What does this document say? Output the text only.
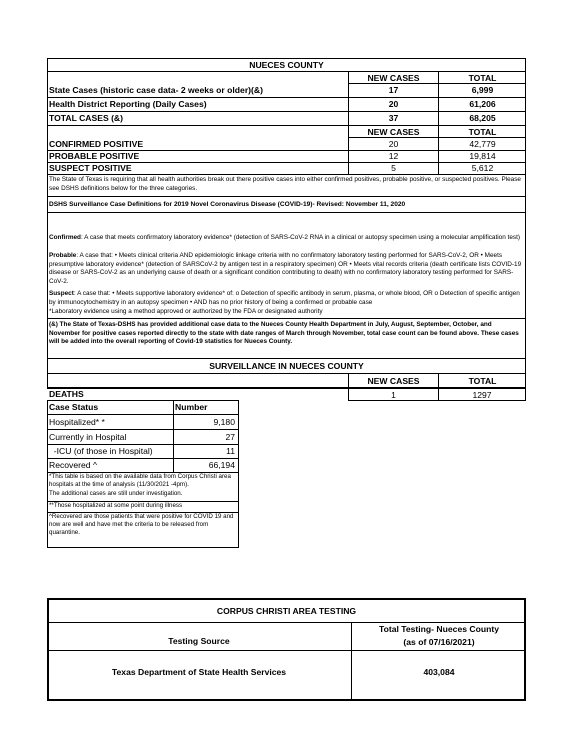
NUECES COUNTY
NEW CASES	TOTAL
State Cases (historic case data- 2 weeks or older)(&)	17	6,999
Health District Reporting (Daily Cases)	20	61,206
TOTAL CASES (&)	37	68,205
NEW CASES	TOTAL
CONFIRMED POSITIVE	20	42,779
PROBABLE POSITIVE	12	19,814
SUSPECT POSITIVE	5	5,612
The State of Texas is requiring that all health authorities break out there positive cases into either confirmed positives, probable positive, or suspected positives. Please see DSHS definitions below for the three categories.
DSHS Surveillance Case Definitions for 2019 Novel Coronavirus Disease (COVID-19)- Revised: November 11, 2020
Confirmed: A case that meets confirmatory laboratory evidence* (detection of SARS-CoV-2 RNA in a clinical or autopsy specimen using a molecular amplification test)
Probable: A case that: • Meets clinical criteria AND epidemiologic linkage criteria with no confirmatory laboratory testing performed for SARS-CoV-2, OR • Meets presumptive laboratory evidence* (detection of SARSCoV-2 by antigen test in a respiratory specimen) OR • Meets vital records criteria (death certificate lists COVID-19 disease or SARS-CoV-2 as an underlying cause of death or a significant condition contributing to death) with no confirmatory laboratory testing performed for SARS-CoV-2.
Suspect: A case that: • Meets supportive laboratory evidence* of: o Detection of specific antibody in serum, plasma, or whole blood, OR o Detection of specific antigen by immunocytochemistry in an autopsy specimen • AND has no prior history of being a confirmed or probable case
*Laboratory evidence using a method approved or authorized by the FDA or designated authority
(&) The State of Texas-DSHS has provided additional case data to the Nueces County Health Department in July, August, September, October, and November for positive cases reported directly to the state with date ranges of March through November, total case count can be found above. These cases will be added into the overall reporting of Covid-19 statistics for Nueces County.
SURVEILLANCE IN NUECES COUNTY
NEW CASES	TOTAL
DEATHS	1	1297
Case Status	Number
Hospitalized* *	9,180
Currently in Hospital	27
-ICU (of those in Hospital)	11
Recovered ^	66,194
*This table is based on the available data from Corpus Christi area hospitals at the time of analysis (11/30/2021 -4pm).
The additional cases are still under investigation.
**Those hospitalized at some point during illness
^Recovered are those patients that were positive for COVID 19 and now are well and have met the criteria to be released from quarantine.
CORPUS CHRISTI AREA TESTING
Testing Source
Total Testing- Nueces County
(as of 07/16/2021)
Texas Department of State Health Services	403,084
